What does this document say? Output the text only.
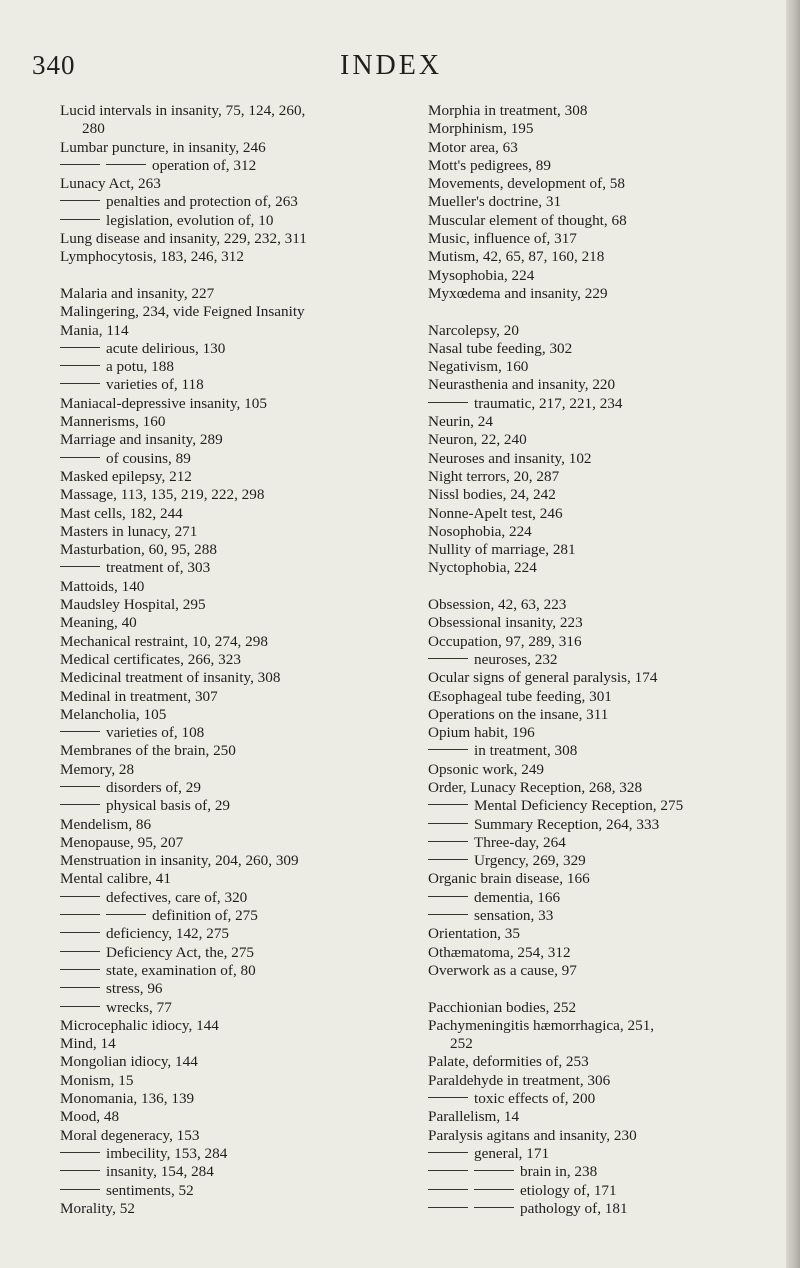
340	INDEX
Lucid intervals in insanity, 75, 124, 260,
280
Lumbar puncture, in insanity, 246
operation of, 312
Lunacy Act, 263
penalties and protection of, 263
legislation, evolution of, 10
Lung disease and insanity, 229, 232, 311
Lymphocytosis, 183, 246, 312
Malaria and insanity, 227
Malingering, 234, vide Feigned Insanity
Mania, 114
acute delirious, 130
a potu, 188
varieties of, 118
Maniacal-depressive insanity, 105
Mannerisms, 160
Marriage and insanity, 289
of cousins, 89
Masked epilepsy, 212
Massage, 113, 135, 219, 222, 298
Mast cells, 182, 244
Masters in lunacy, 271
Masturbation, 60, 95, 288
treatment of, 303
Mattoids, 140
Maudsley Hospital, 295
Meaning, 40
Mechanical restraint, 10, 274, 298
Medical certificates, 266, 323
Medicinal treatment of insanity, 308
Medinal in treatment, 307
Melancholia, 105
varieties of, 108
Membranes of the brain, 250
Memory, 28
disorders of, 29
physical basis of, 29
Mendelism, 86
Menopause, 95, 207
Menstruation in insanity, 204, 260, 309
Mental calibre, 41
defectives, care of, 320
definition of, 275
deficiency, 142, 275
Deficiency Act, the, 275
state, examination of, 80
stress, 96
wrecks, 77
Microcephalic idiocy, 144
Mind, 14
Mongolian idiocy, 144
Monism, 15
Monomania, 136, 139
Mood, 48
Moral degeneracy, 153
imbecility, 153, 284
insanity, 154, 284
sentiments, 52
Morality, 52
Morphia in treatment, 308
Morphinism, 195
Motor area, 63
Mott's pedigrees, 89
Movements, development of, 58
Mueller's doctrine, 31
Muscular element of thought, 68
Music, influence of, 317
Mutism, 42, 65, 87, 160, 218
Mysophobia, 224
Myxœdema and insanity, 229
Narcolepsy, 20
Nasal tube feeding, 302
Negativism, 160
Neurasthenia and insanity, 220
traumatic, 217, 221, 234
Neurin, 24
Neuron, 22, 240
Neuroses and insanity, 102
Night terrors, 20, 287
Nissl bodies, 24, 242
Nonne-Apelt test, 246
Nosophobia, 224
Nullity of marriage, 281
Nyctophobia, 224
Obsession, 42, 63, 223
Obsessional insanity, 223
Occupation, 97, 289, 316
neuroses, 232
Ocular signs of general paralysis, 174
Œsophageal tube feeding, 301
Operations on the insane, 311
Opium habit, 196
in treatment, 308
Opsonic work, 249
Order, Lunacy Reception, 268, 328
Mental Deficiency Reception, 275
Summary Reception, 264, 333
Three-day, 264
Urgency, 269, 329
Organic brain disease, 166
dementia, 166
sensation, 33
Orientation, 35
Othæmatoma, 254, 312
Overwork as a cause, 97
Pacchionian bodies, 252
Pachymeningitis hæmorrhagica, 251,
252
Palate, deformities of, 253
Paraldehyde in treatment, 306
toxic effects of, 200
Parallelism, 14
Paralysis agitans and insanity, 230
general, 171
brain in, 238
etiology of, 171
pathology of, 181
